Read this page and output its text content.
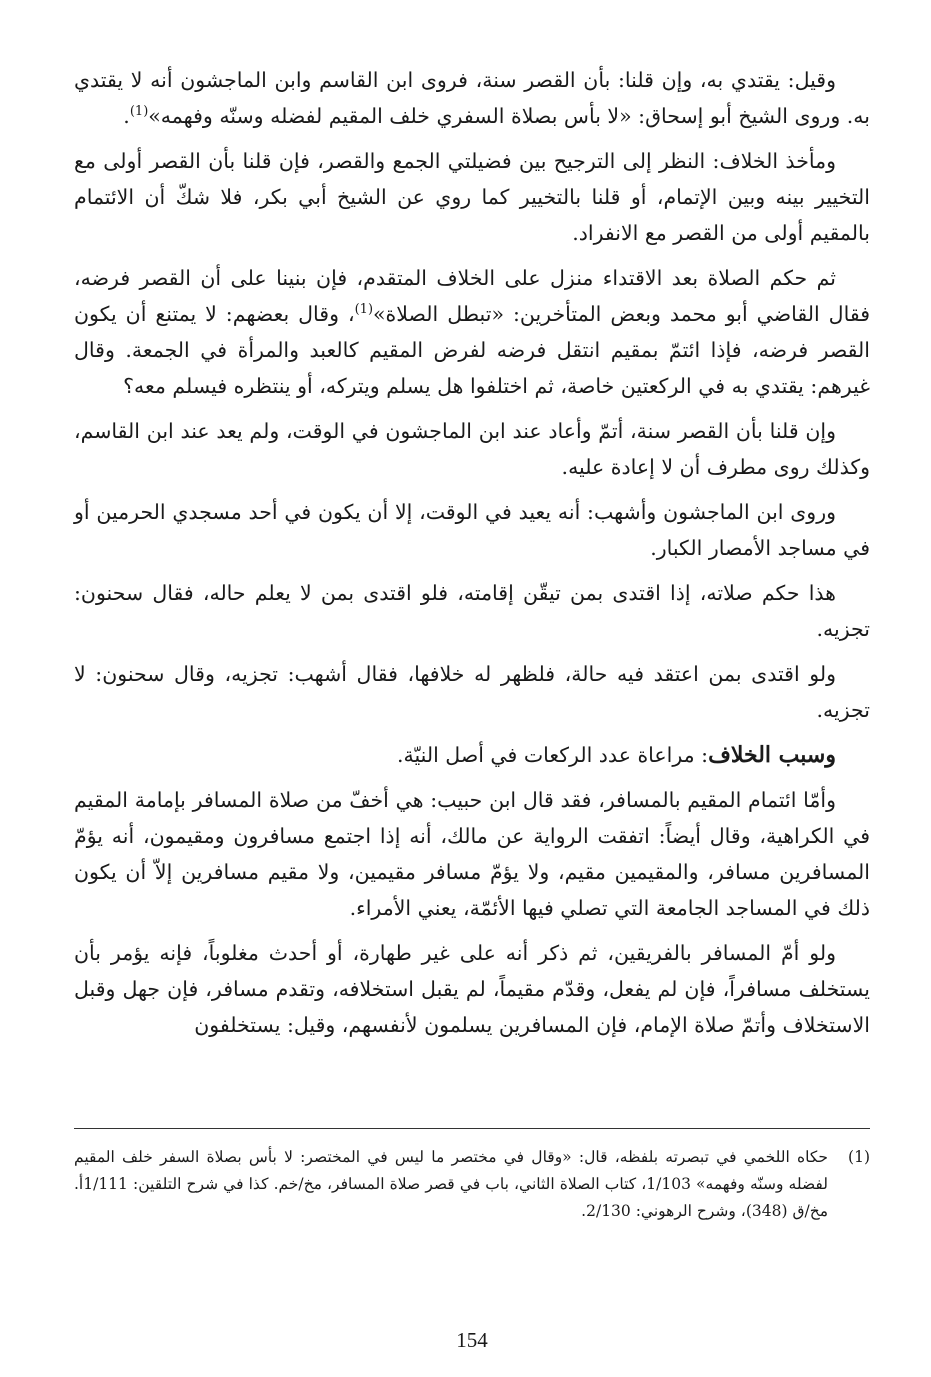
وقيل: يقتدي به، وإن قلنا: بأن القصر سنة، فروى ابن القاسم وابن الماجشون أنه لا يقتدي به. وروى الشيخ أبو إسحاق: «لا بأس بصلاة السفري خلف المقيم لفضله وسنّه وفهمه»$^{(1)}$.

ومأخذ الخلاف: النظر إلى الترجيح بين فضيلتي الجمع والقصر، فإن قلنا بأن القصر أولى مع التخيير بينه وبين الإتمام، أو قلنا بالتخيير كما روي عن الشيخ أبي بكر، فلا شكّ أن الائتمام بالمقيم أولى من القصر مع الانفراد.

ثم حكم الصلاة بعد الاقتداء منزل على الخلاف المتقدم، فإن بنينا على أن القصر فرضه، فقال القاضي أبو محمد وبعض المتأخرين: «تبطل الصلاة»$^{(1)}$، وقال بعضهم: لا يمتنع أن يكون القصر فرضه، فإذا ائتمّ بمقيم انتقل فرضه لفرض المقيم كالعبد والمرأة في الجمعة. وقال غيرهم: يقتدي به في الركعتين خاصة، ثم اختلفوا هل يسلم ويتركه، أو ينتظره فيسلم معه؟

وإن قلنا بأن القصر سنة، أتمّ وأعاد عند ابن الماجشون في الوقت، ولم يعد عند ابن القاسم، وكذلك روى مطرف أن لا إعادة عليه.

وروى ابن الماجشون وأشهب: أنه يعيد في الوقت، إلا أن يكون في أحد مسجدي الحرمين أو في مساجد الأمصار الكبار.

هذا حكم صلاته، إذا اقتدى بمن تيقّن إقامته، فلو اقتدى بمن لا يعلم حاله، فقال سحنون: تجزيه.

ولو اقتدى بمن اعتقد فيه حالة، فلظهر له خلافها، فقال أشهب: تجزيه، وقال سحنون: لا تجزيه.

وسبب الخلاف: مراعاة عدد الركعات في أصل النيّة.

وأمّا ائتمام المقيم بالمسافر، فقد قال ابن حبيب: هي أخفّ من صلاة المسافر بإمامة المقيم في الكراهية، وقال أيضاً: اتفقت الرواية عن مالك، أنه إذا اجتمع مسافرون ومقيمون، أنه يؤمّ المسافرين مسافر، والمقيمين مقيم، ولا يؤمّ مسافر مقيمين، ولا مقيم مسافرين إلاّ أن يكون ذلك في المساجد الجامعة التي تصلي فيها الأئمّة، يعني الأمراء.

ولو أمّ المسافر بالفريقين، ثم ذكر أنه على غير طهارة، أو أحدث مغلوباً، فإنه يؤمر بأن يستخلف مسافراً، فإن لم يفعل، وقدّم مقيماً، لم يقبل استخلافه، وتقدم مسافر، فإن جهل وقبل الاستخلاف وأتمّ صلاة الإمام، فإن المسافرين يسلمون لأنفسهم، وقيل: يستخلفون

(1)
حكاه اللخمي في تبصرته بلفظه، قال: «وقال في مختصر ما ليس في المختصر: لا بأس بصلاة السفر خلف المقيم لفضله وسنّه وفهمه» 1/103، كتاب الصلاة الثاني، باب في قصر صلاة المسافر، مخ/خم. كذا في شرح التلقين: 1/111أ. مخ/ق (348)، وشرح الرهوني: 2/130.
154
